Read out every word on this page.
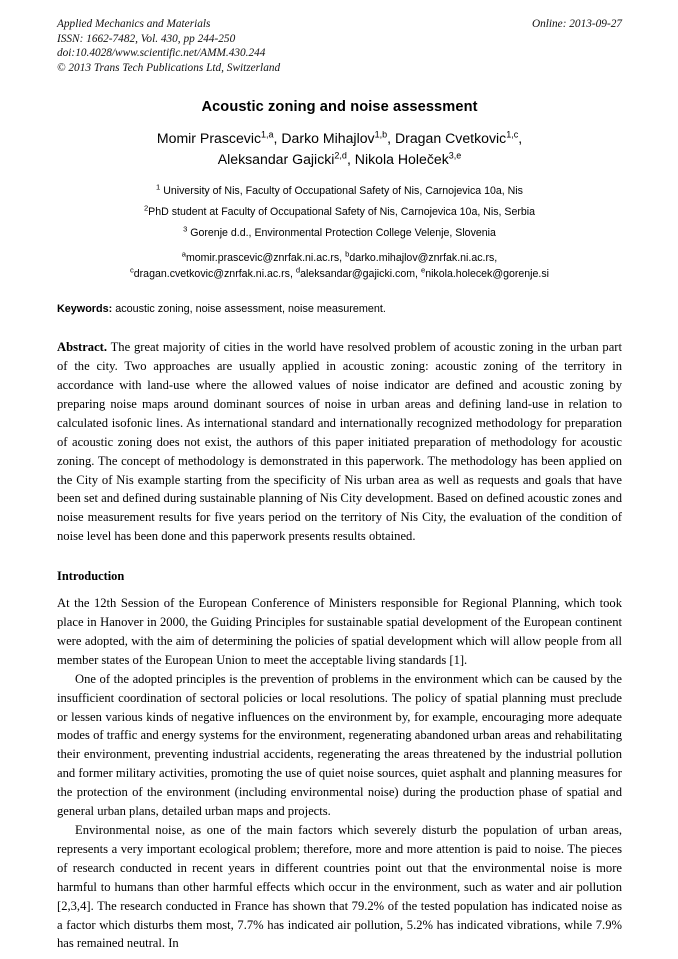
Applied Mechanics and Materials
ISSN: 1662-7482, Vol. 430, pp 244-250
doi:10.4028/www.scientific.net/AMM.430.244
© 2013 Trans Tech Publications Ltd, Switzerland
Online: 2013-09-27
Acoustic zoning and noise assessment
Momir Prascevic$^{1,a}$, Darko Mihajlov$^{1,b}$, Dragan Cvetkovic$^{1,c}$,
Aleksandar Gajicki$^{2,d}$, Nikola Holeček$^{3,e}$
$^1$ University of Nis, Faculty of Occupational Safety of Nis, Carnojevica 10a, Nis
$^2$PhD student at Faculty of Occupational Safety of Nis, Carnojevica 10a, Nis, Serbia
$^3$ Gorenje d.d., Environmental Protection College Velenje, Slovenia
$^a$momir.prascevic@znrfak.ni.ac.rs, $^b$darko.mihajlov@znrfak.ni.ac.rs,
$^c$dragan.cvetkovic@znrfak.ni.ac.rs, $^d$aleksandar@gajicki.com, $^e$nikola.holecek@gorenje.si
Keywords: acoustic zoning, noise assessment, noise measurement.
Abstract. The great majority of cities in the world have resolved problem of acoustic zoning in the urban part of the city. Two approaches are usually applied in acoustic zoning: acoustic zoning of the territory in accordance with land-use where the allowed values of noise indicator are defined and acoustic zoning by preparing noise maps around dominant sources of noise in urban areas and defining land-use in relation to calculated isofonic lines. As international standard and internationally recognized methodology for preparation of acoustic zoning does not exist, the authors of this paper initiated preparation of methodology for acoustic zoning. The concept of methodology is demonstrated in this paperwork. The methodology has been applied on the City of Nis example starting from the specificity of Nis urban area as well as requests and goals that have been set and defined during sustainable planning of Nis City development. Based on defined acoustic zones and noise measurement results for five years period on the territory of Nis City, the evaluation of the condition of noise level has been done and this paperwork presents results obtained.
Introduction

At the 12th Session of the European Conference of Ministers responsible for Regional Planning, which took place in Hanover in 2000, the Guiding Principles for sustainable spatial development of the European continent were adopted, with the aim of determining the policies of spatial development which will allow people from all member states of the European Union to meet the acceptable living standards [1].

One of the adopted principles is the prevention of problems in the environment which can be caused by the insufficient coordination of sectoral policies or local resolutions. The policy of spatial planning must preclude or lessen various kinds of negative influences on the environment by, for example, encouraging more adequate modes of traffic and energy systems for the environment, regenerating abandoned urban areas and rehabilitating their environment, preventing industrial accidents, regenerating the areas threatened by the industrial pollution and former military activities, promoting the use of quiet noise sources, quiet asphalt and planning measures for the protection of the environment (including environmental noise) during the production phase of spatial and general urban plans, detailed urban maps and projects.

Environmental noise, as one of the main factors which severely disturb the population of urban areas, represents a very important ecological problem; therefore, more and more attention is paid to noise. The pieces of research conducted in recent years in different countries point out that the environmental noise is more harmful to humans than other harmful effects which occur in the environment, such as water and air pollution [2,3,4]. The research conducted in France has shown that 79.2% of the tested population has indicated noise as a factor which disturbs them most, 7.7% has indicated air pollution, 5.2% has indicated vibrations, while 7.9% has remained neutral. In
